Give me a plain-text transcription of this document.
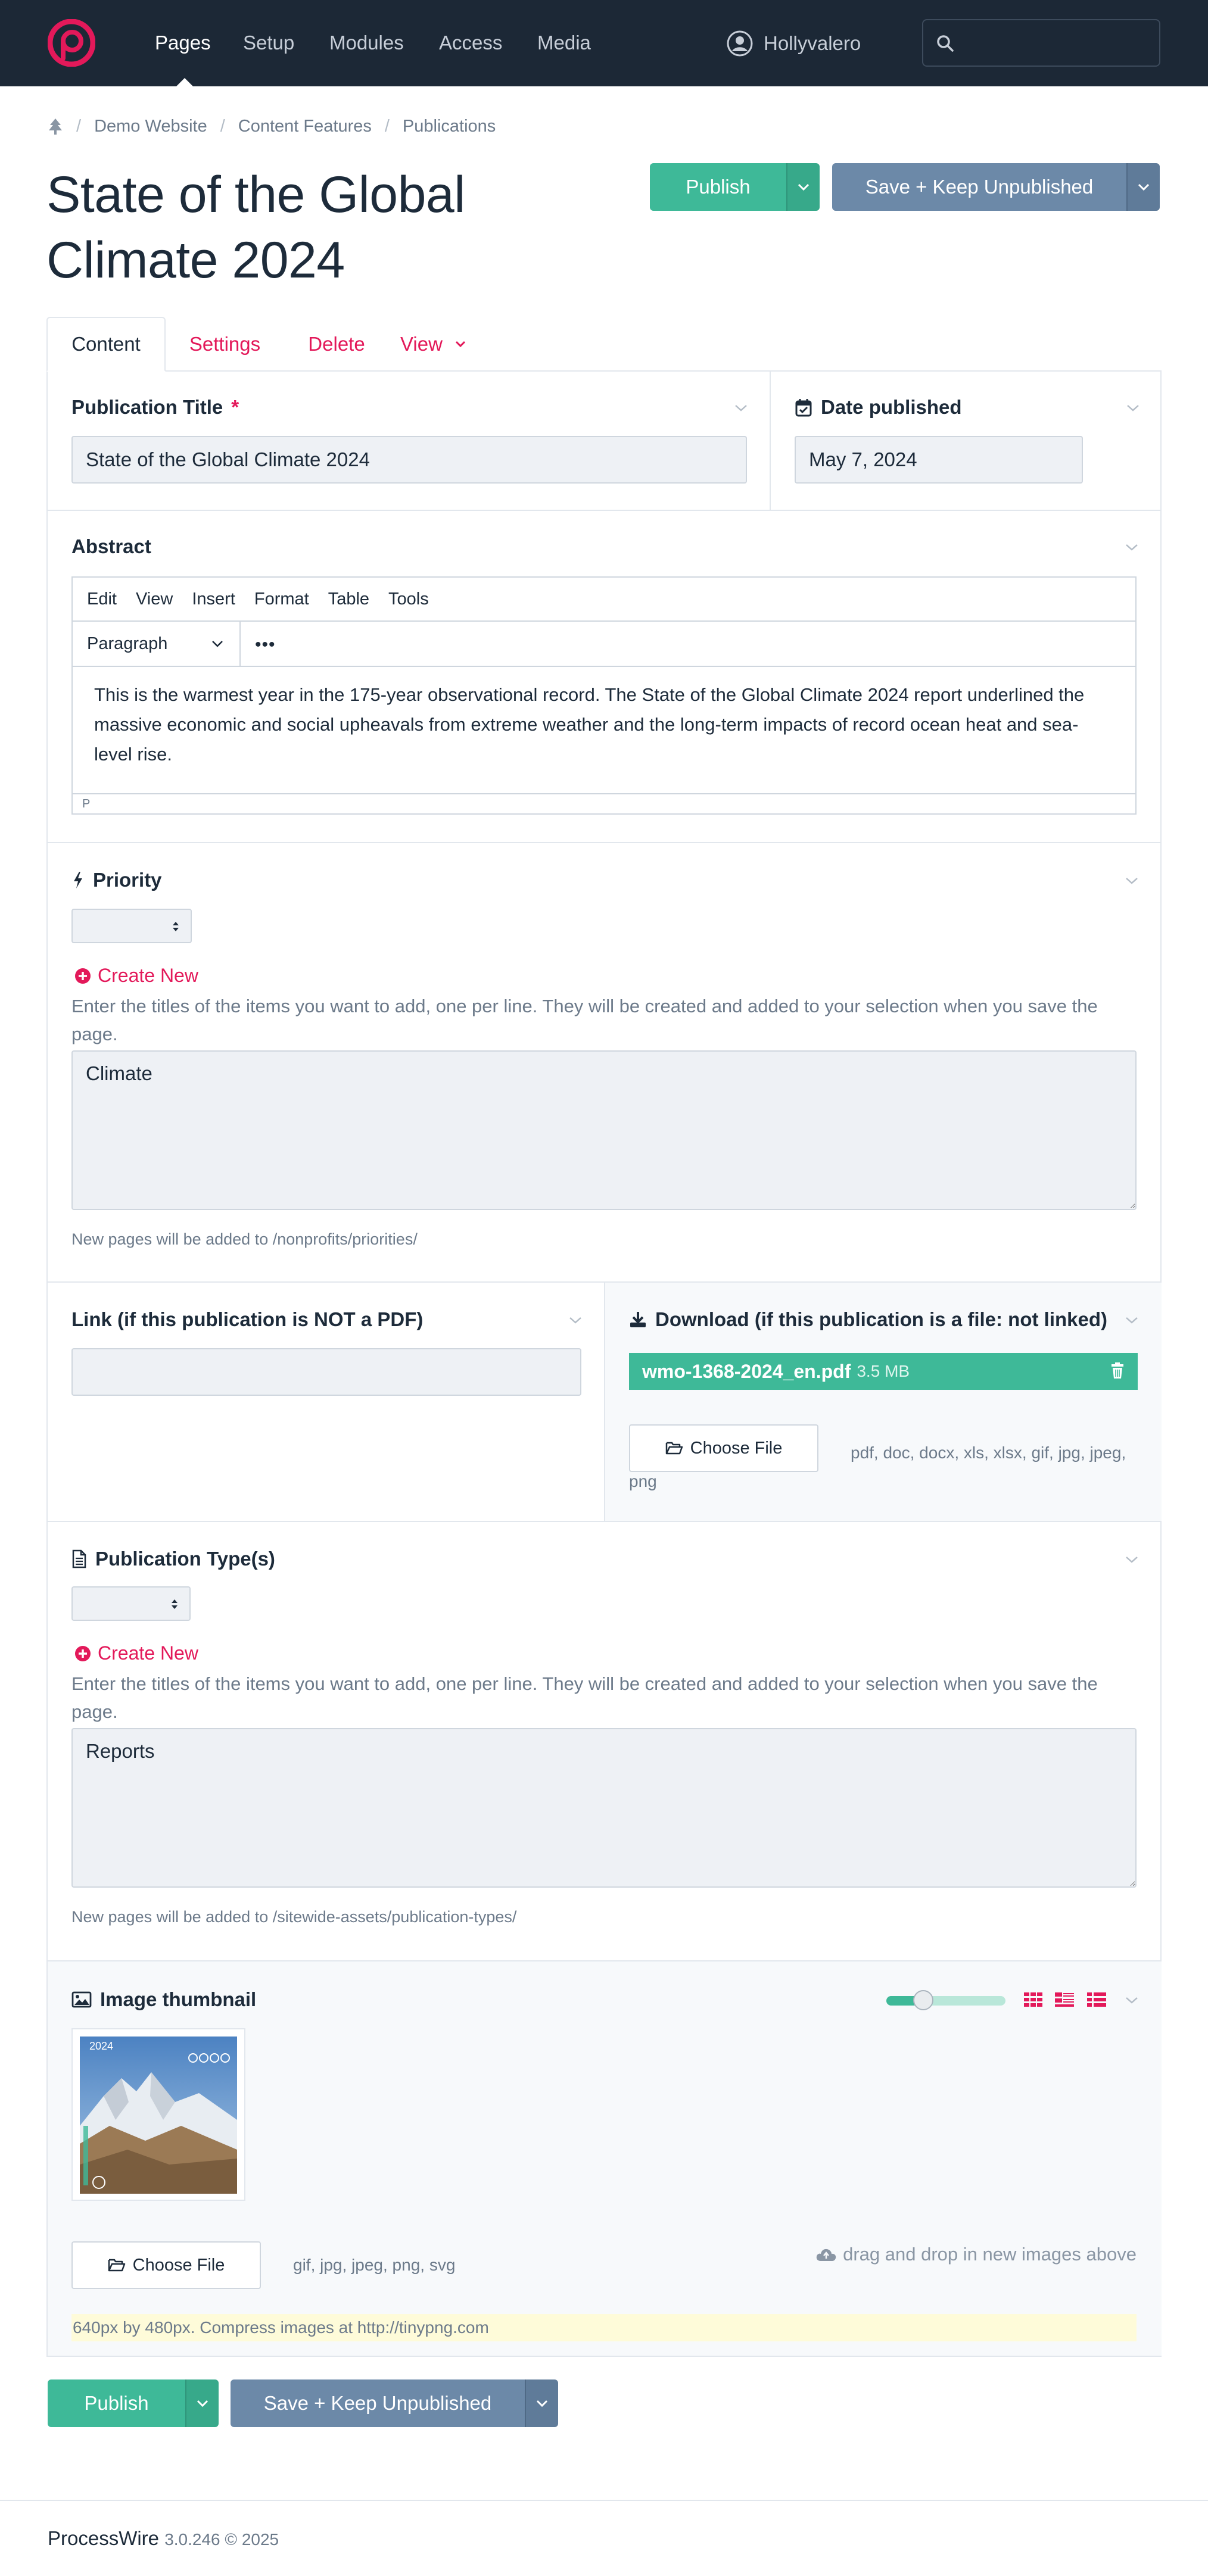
Pages Setup Modules Access Media	Hollyvalero
/ Demo Website / Content Features / Publications
State of the Global Climate 2024
Publish	Save + Keep Unpublished
Content	Settings	Delete	View
Publication Title *
State of the Global Climate 2024	Date published
May 7, 2024
Abstract
Edit View Insert Format Table Tools
Paragraph	•••
This is the warmest year in the 175-year observational record. The State of the Global Climate 2024 report underlined the massive economic and social upheavals from extreme weather and the long-term impacts of record ocean heat and sea-level rise.
P
Priority
Create New
Enter the titles of the items you want to add, one per line. They will be created and added to your selection when you save the page.
Climate
New pages will be added to /nonprofits/priorities/
Link (if this publication is NOT a PDF)	Download (if this publication is a file: not linked)
wmo-1368-2024_en.pdf 3.5 MB
Choose File	pdf, doc, docx, xls, xlsx, gif, jpg, jpeg, png
Publication Type(s)
Create New
Enter the titles of the items you want to add, one per line. They will be created and added to your selection when you save the page.
Reports
New pages will be added to /sitewide-assets/publication-types/
Image thumbnail
2024
Choose File	gif, jpg, jpeg, png, svg
drag and drop in new images above
640px by 480px. Compress images at http://tinypng.com
Publish	Save + Keep Unpublished
ProcessWire 3.0.246 © 2025
